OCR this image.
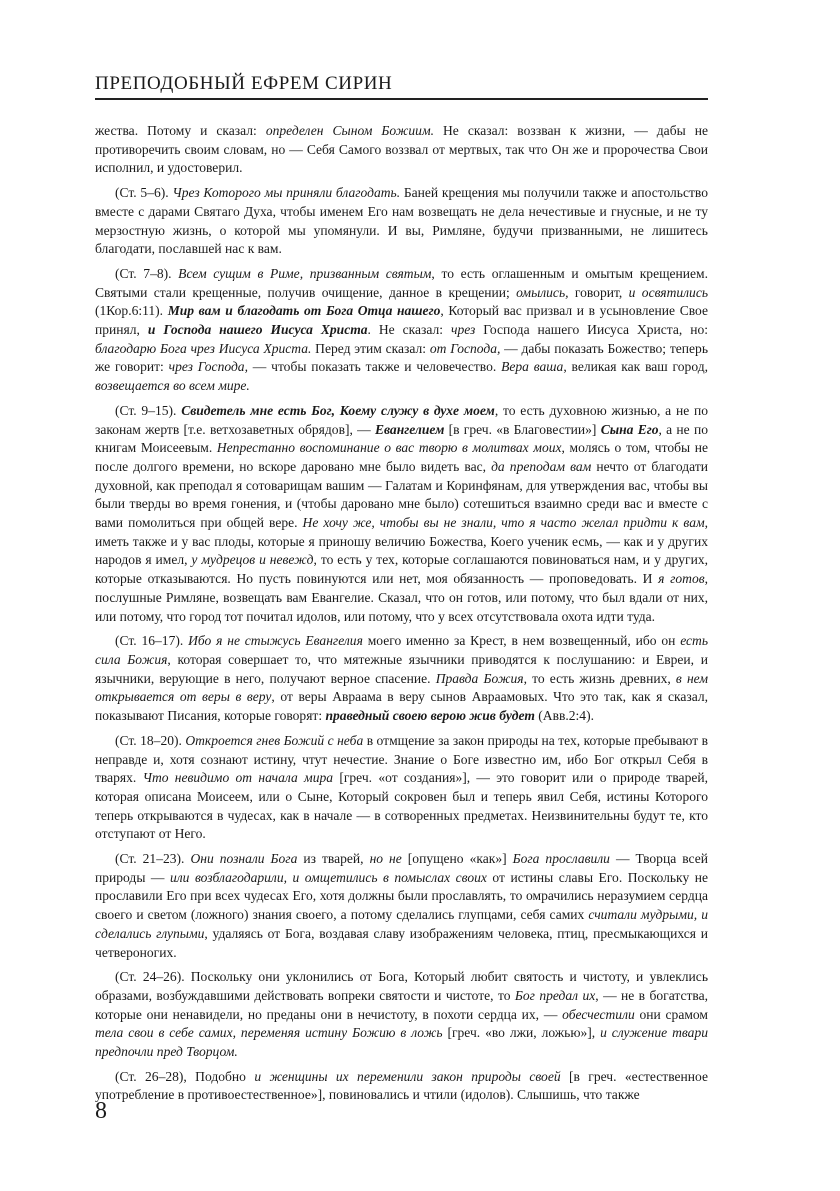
ПРЕПОДОБНЫЙ ЕФРЕМ СИРИН

жества. Потому и сказал: определен Сыном Божиим. Не сказал: воззван к жизни, — дабы не противоречить своим словам, но — Себя Самого воззвал от мертвых, так что Он же и пророчества Свои исполнил, и удостоверил.

(Ст. 5–6). Чрез Которого мы приняли благодать. Баней крещения мы получили также и апостольство вместе с дарами Святаго Духа, чтобы именем Его нам возвещать не дела нечестивые и гнусные, и не ту мерзостную жизнь, о которой мы упомянули. И вы, Римляне, будучи призванными, не лишитесь благодати, пославшей нас к вам.

(Ст. 7–8). Всем сущим в Риме, призванным святым, то есть оглашенным и омытым крещением. Святыми стали крещенные, получив очищение, данное в крещении; омылись, говорит, и освятились (1Кор.6:11). Мир вам и благодать от Бога Отца нашего, Который вас призвал и в усыновление Свое принял, и Господа нашего Иисуса Христа. Не сказал: чрез Господа нашего Иисуса Христа, но: благодарю Бога чрез Иисуса Христа. Перед этим сказал: от Господа, — дабы показать Божество; теперь же говорит: чрез Господа, — чтобы показать также и человечество. Вера ваша, великая как ваш город, возвещается во всем мире.

(Ст. 9–15). Свидетель мне есть Бог, Коему служу в духе моем, то есть духовною жизнью, а не по законам жертв [т.е. ветхозаветных обрядов], — Евангелием [в греч. «в Благовестии»] Сына Его, а не по книгам Моисеевым. Непрестанно воспоминание о вас творю в молитвах моих, молясь о том, чтобы не после долгого времени, но вскоре даровано мне было видеть вас, да преподам вам нечто от благодати духовной, как преподал я сотоварищам вашим — Галатам и Коринфянам, для утверждения вас, чтобы вы были тверды во время гонения, и (чтобы даровано мне было) сотешиться взаимно среди вас и вместе с вами помолиться при общей вере. Не хочу же, чтобы вы не знали, что я часто желал придти к вам, иметь также и у вас плоды, которые я приношу величию Божества, Коего ученик есмь, — как и у других народов я имел, у мудрецов и невежд, то есть у тех, которые соглашаются повиноваться нам, и у других, которые отказываются. Но пусть повинуются или нет, моя обязанность — проповедовать. И я готов, послушные Римляне, возвещать вам Евангелие. Сказал, что он готов, или потому, что был вдали от них, или потому, что город тот почитал идолов, или потому, что у всех отсутствовала охота идти туда.

(Ст. 16–17). Ибо я не стыжусь Евангелия моего именно за Крест, в нем возвещенный, ибо он есть сила Божия, которая совершает то, что мятежные язычники приводятся к послушанию: и Евреи, и язычники, верующие в него, получают верное спасение. Правда Божия, то есть жизнь древних, в нем открывается от веры в веру, от веры Авраама в веру сынов Авраамовых. Что это так, как я сказал, показывают Писания, которые говорят: праведный своею верою жив будет (Авв.2:4).

(Ст. 18–20). Откроется гнев Божий с неба в отмщение за закон природы на тех, которые пребывают в неправде и, хотя сознают истину, чтут нечестие. Знание о Боге известно им, ибо Бог открыл Себя в тварях. Что невидимо от начала мира [греч. «от создания»], — это говорит или о природе тварей, которая описана Моисеем, или о Сыне, Который сокровен был и теперь явил Себя, истины Которого теперь открываются в чудесах, как в начале — в сотворенных предметах. Неизвинительны будут те, кто отступают от Него.

(Ст. 21–23). Они познали Бога из тварей, но не [опущено «как»] Бога прославили — Творца всей природы — или возблагодарили, и омщетились в помыслах своих от истины славы Его. Поскольку не прославили Его при всех чудесах Его, хотя должны были прославлять, то омрачились неразумием сердца своего и светом (ложного) знания своего, а потому сделались глупцами, себя самих считали мудрыми, и сделались глупыми, удаляясь от Бога, воздавая славу изображениям человека, птиц, пресмыкающихся и четвероногих.

(Ст. 24–26). Поскольку они уклонились от Бога, Который любит святость и чистоту, и увлеклись образами, возбуждавшими действовать вопреки святости и чистоте, то Бог предал их, — не в богатства, которые они ненавидели, но преданы они в нечистоту, в похоти сердца их, — обесчестили они срамом тела свои в себе самих, переменяя истину Божию в ложь [греч. «во лжи, ложью»], и служение твари предпочли пред Творцом.

(Ст. 26–28), Подобно и женщины их переменили закон природы своей [в греч. «естественное употребление в противоестественное»], повиновались и чтили (идолов). Слышишь, что также

8
